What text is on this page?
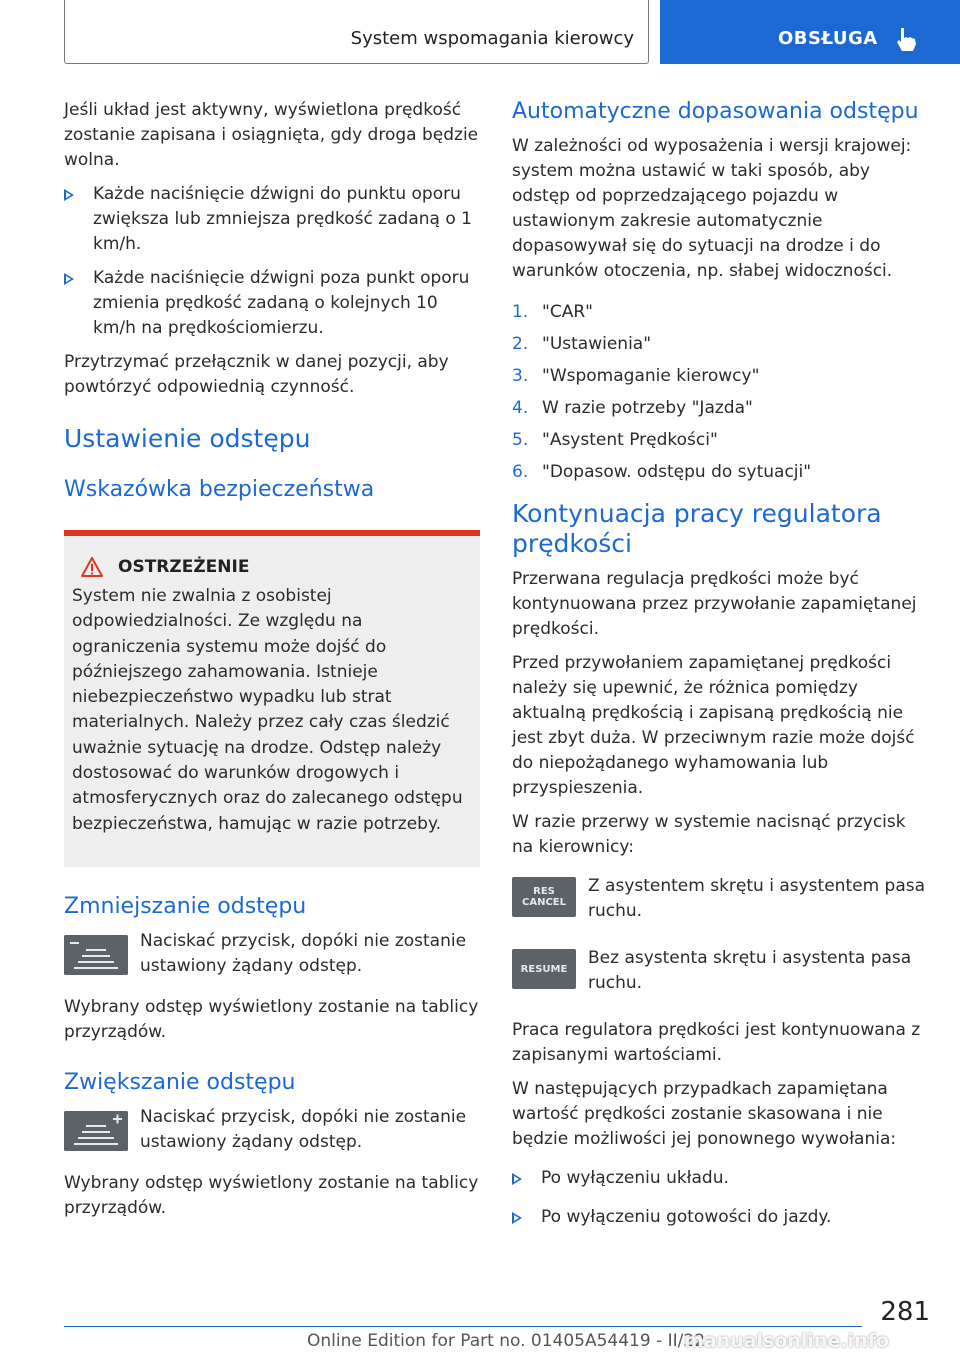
System wspomagania kierowcy	OBSŁUGA

Jeśli układ jest aktywny, wyświetlona prędkość zostanie zapisana i osiągnięta, gdy droga będzie wolna.

Każde naciśnięcie dźwigni do punktu oporu zwiększa lub zmniejsza prędkość zadaną o 1 km/h.
Każde naciśnięcie dźwigni poza punkt oporu zmienia prędkość zadaną o kolejnych 10 km/h na prędkościomierzu.

Przytrzymać przełącznik w danej pozycji, aby powtórzyć odpowiednią czynność.

Ustawienie odstępu
Wskazówka bezpieczeństwa
OSTRZEŻENIE

System nie zwalnia z osobistej odpowiedzialności. Ze względu na ograniczenia systemu może dojść do późniejszego zahamowania. Istnieje niebezpieczeństwo wypadku lub strat materialnych. Należy przez cały czas śledzić uważnie sytuację na drodze. Odstęp należy dostosować do warunków drogowych i atmosferycznych oraz do zalecanego odstępu bezpieczeństwa, hamując w razie potrzeby.

Zmniejszanie odstępu

Naciskać przycisk, dopóki nie zostanie ustawiony żądany odstęp.

Wybrany odstęp wyświetlony zostanie na tablicy przyrządów.

Zwiększanie odstępu

Naciskać przycisk, dopóki nie zostanie ustawiony żądany odstęp.

Wybrany odstęp wyświetlony zostanie na tablicy przyrządów.

Automatyczne dopasowania odstępu

W zależności od wyposażenia i wersji krajowej: system można ustawić w taki sposób, aby odstęp od poprzedzającego pojazdu w ustawionym zakresie automatycznie dopasowywał się do sytuacji na drodze i do warunków otoczenia, np. słabej widoczności.

1. "CAR"
2. "Ustawienia"
3. "Wspomaganie kierowcy"
4. W razie potrzeby "Jazda"
5. "Asystent Prędkości"
6. "Dopasow. odstępu do sytuacji"
Kontynuacja pracy regulatora prędkości

Przerwana regulacja prędkości może być kontynuowana przez przywołanie zapamiętanej prędkości.

Przed przywołaniem zapamiętanej prędkości należy się upewnić, że różnica pomiędzy aktualną prędkością i zapisaną prędkością nie jest zbyt duża. W przeciwnym razie może dojść do niepożądanego wyhamowania lub przyspieszenia.

W razie przerwy w systemie nacisnąć przycisk na kierownicy:

RES
CANCEL

Z asystentem skrętu i asystentem pasa ruchu.

RESUME

Bez asystenta skrętu i asystenta pasa ruchu.

Praca regulatora prędkości jest kontynuowana z zapisanymi wartościami.

W następujących przypadkach zapamiętana wartość prędkości zostanie skasowana i nie będzie możliwości jej ponownego wywołania:

Po wyłączeniu układu.
Po wyłączeniu gotowości do jazdy.
281
Online Edition for Part no. 01405A54419 - II/22
manualsonline.info
